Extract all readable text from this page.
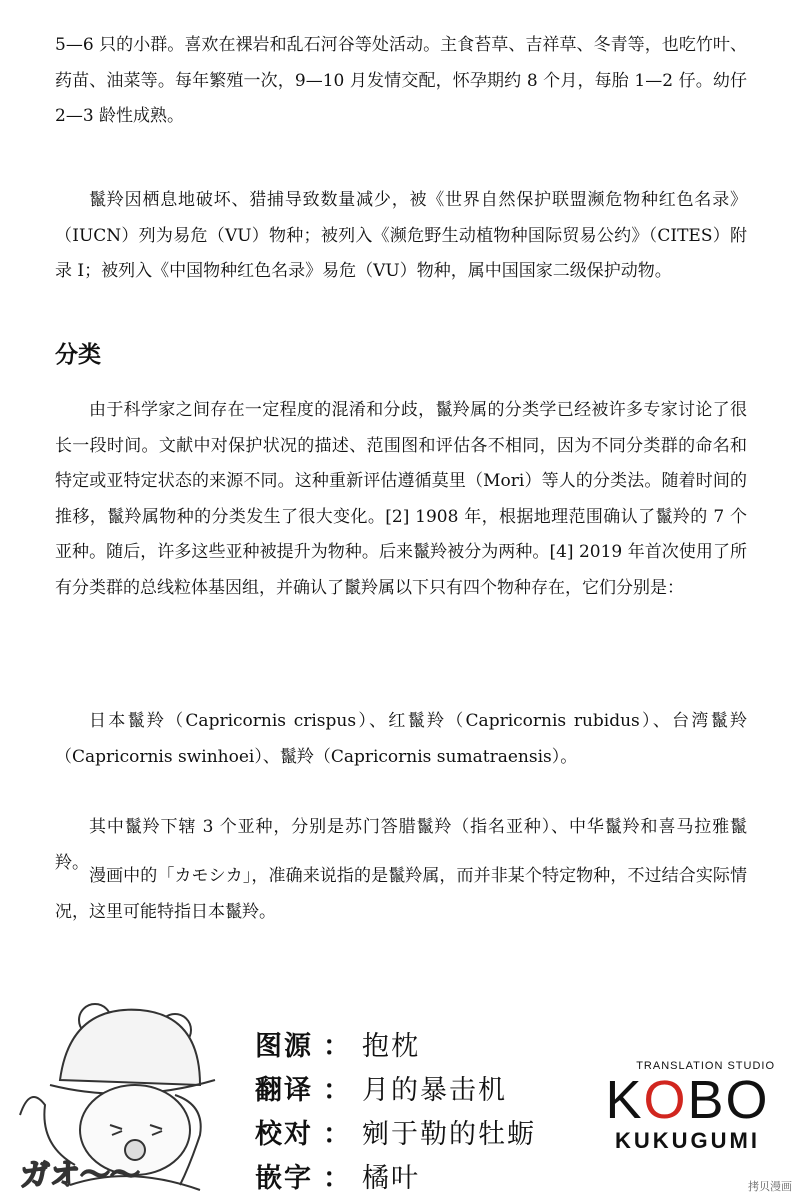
5—6 只的小群。喜欢在裸岩和乱石河谷等处活动。主食苔草、吉祥草、冬青等，也吃竹叶、药苗、油菜等。每年繁殖一次，9—10 月发情交配，怀孕期约 8 个月，每胎 1—2 仔。幼仔 2—3 龄性成熟。

鬣羚因栖息地破坏、猎捕导致数量减少，被《世界自然保护联盟濒危物种红色名录》（IUCN）列为易危（VU）物种；被列入《濒危野生动植物种国际贸易公约》（CITES）附录 I；被列入《中国物种红色名录》易危（VU）物种，属中国国家二级保护动物。

分类

由于科学家之间存在一定程度的混淆和分歧，鬣羚属的分类学已经被许多专家讨论了很长一段时间。文献中对保护状况的描述、范围图和评估各不相同，因为不同分类群的命名和特定或亚特定状态的来源不同。这种重新评估遵循莫里（Mori）等人的分类法。随着时间的推移，鬣羚属物种的分类发生了很大变化。[2] 1908 年，根据地理范围确认了鬣羚的 7 个亚种。随后，许多这些亚种被提升为物种。后来鬣羚被分为两种。[4] 2019 年首次使用了所有分类群的总线粒体基因组，并确认了鬛羚属以下只有四个物种存在，它们分别是：

日本鬣羚（Capricornis crispus）、红鬣羚（Capricornis rubidus）、台湾鬣羚（Capricornis swinhoei）、鬣羚（Capricornis sumatraensis）。

其中鬣羚下辖 3 个亚种，分别是苏门答腊鬣羚（指名亚种）、中华鬣羚和喜马拉雅鬣羚。

漫画中的「カモシカ」，准确来说指的是鬣羚属，而并非某个特定物种，不过结合实际情况，这里可能特指日本鬣羚。

ガオ〜〜
图源 ： 抱枕
翻译 ： 月的暴击机
校对 ： 剜于勒的牡蛎
嵌字 ： 橘叶
TRANSLATION STUDIO
KOBO
KUKUGUMI
拷贝漫画
